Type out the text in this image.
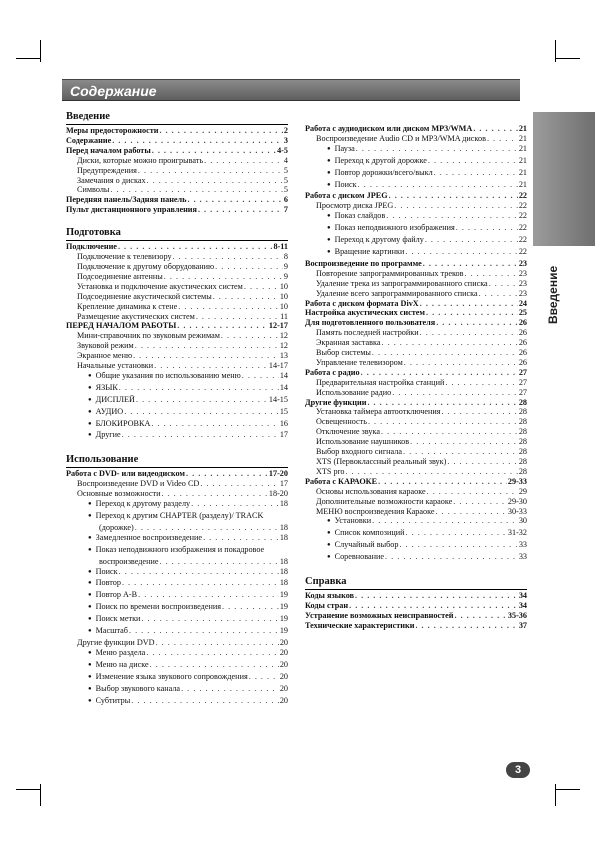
Содержание
Введение
Введение
Меры предосторожности . . .	2
Содержание . . .	3
Перед началом работы . . .	4-5
Диски, которые можно проигрывать . . .	4
Предупреждения . . .	5
Замечания о дисках . . .	5
Символы . . .	5
Передняя панель/Задняя панель . . .	6
Пульт дистанционного управления . . .	7
Подготовка
Подключение . . .	8-11
Подключение к телевизору . . .	8
Подключение к другому оборудованию . . .	9
Подсоединение антенны . . .	9
Установка и подключение акустических систем . . .	10
Подсоединение акустической системы . . .	10
Крепление динамика к стене . . .	10
Размещение акустических систем . . .	11
ПЕРЕД НАЧАЛОМ РАБОТЫ . . .	12-17
Мини-справочник по звуковым режимам . . .	12
Звуковой режим . . .	12
Экранное меню . . .	13
Начальные установки . . .	14-17
● Общие указания по использованию меню . . .	14
● ЯЗЫК . . .	14
● ДИСПЛЕЙ . . .	14-15
● АУДИО . . .	15
● БЛОКИРОВКА . . .	16
● Другие . . .	17
Использование
Работа с DVD- или видеодиском . . .	17-20
Воспроизведение DVD и Video CD . . .	17
Основные возможности . . .	18-20
● Переход к другому разделу . . .	18
● Переход к другим CHAPTER (разделу)/ TRACK
(дорожке) . . .	18
● Замедленное воспроизведение . . .	18
● Показ неподвижного изображения и покадровое
воспроизведение . . .	18
● Поиск . . .	18
● Повтор . . .	18
● Повтор A-B . . .	19
● Поиск по времени воспроизведения . . .	19
● Поиск метки . . .	19
● Масштаб . . .	19
Другие функции DVD . . .	20
● Меню раздела . . .	20
● Меню на диске . . .	20
● Изменение языка звукового сопровождения . . .	20
● Выбор звукового канала . . .	20
● Субтитры . . .	20
Работа с аудиодиском или диском MP3/WMA . . .	21
Воспроизведение Audio CD и MP3/WMA дисков . . .	21
● Пауза . . .	21
● Переход к другой дорожке . . .	21
● Повтор дорожки/всего/выкл . . .	21
● Поиск . . .	21
Работа с диском JPEG . . .	22
Просмотр диска JPEG . . .	22
● Показ слайдов . . .	22
● Показ неподвижного изображения . . .	22
● Переход к другому файлу . . .	22
● Вращение картинки . . .	22
Воспроизведение по программе . . .	23
Повторение запрограммированных треков . . .	23
Удаление трека из запрограммированного списка . . .	23
Удаление всего запрограммированного списка . . .	23
Работа с диском формата DivX . . .	24
Настройка акустических систем . . .	25
Для подготовленного пользователя . . .	26
Память последней настройки . . .	26
Экранная заставка . . .	26
Выбор системы . . .	26
Управление телевизором . . .	26
Работа с радио . . .	27
Предварительная настройка станций . . .	27
Использование радио . . .	27
Другие функции . . .	28
Установка таймера автоотключения . . .	28
Освещенность . . .	28
Отключение звука . . .	28
Использование наушников . . .	28
Выбор входного сигнала . . .	28
XTS (Первоклассный реальный звук) . . .	28
XTS pro . . .	28
Работа с КАРАОКЕ . . .	29-33
Основы использования караоке . . .	29
Дополнительные возможности караоке . . .	29-30
МЕНЮ воспроизведения Караоке . . .	30-33
● Установки . . .	30
● Список композиций . . .	31-32
● Случайный выбор . . .	33
● Соревнование . . .	33
Справка
Коды языков . . .	34
Коды стран . . .	34
Устранение возможных неисправностей . . .	35-36
Технические характеристики . . .	37
3
